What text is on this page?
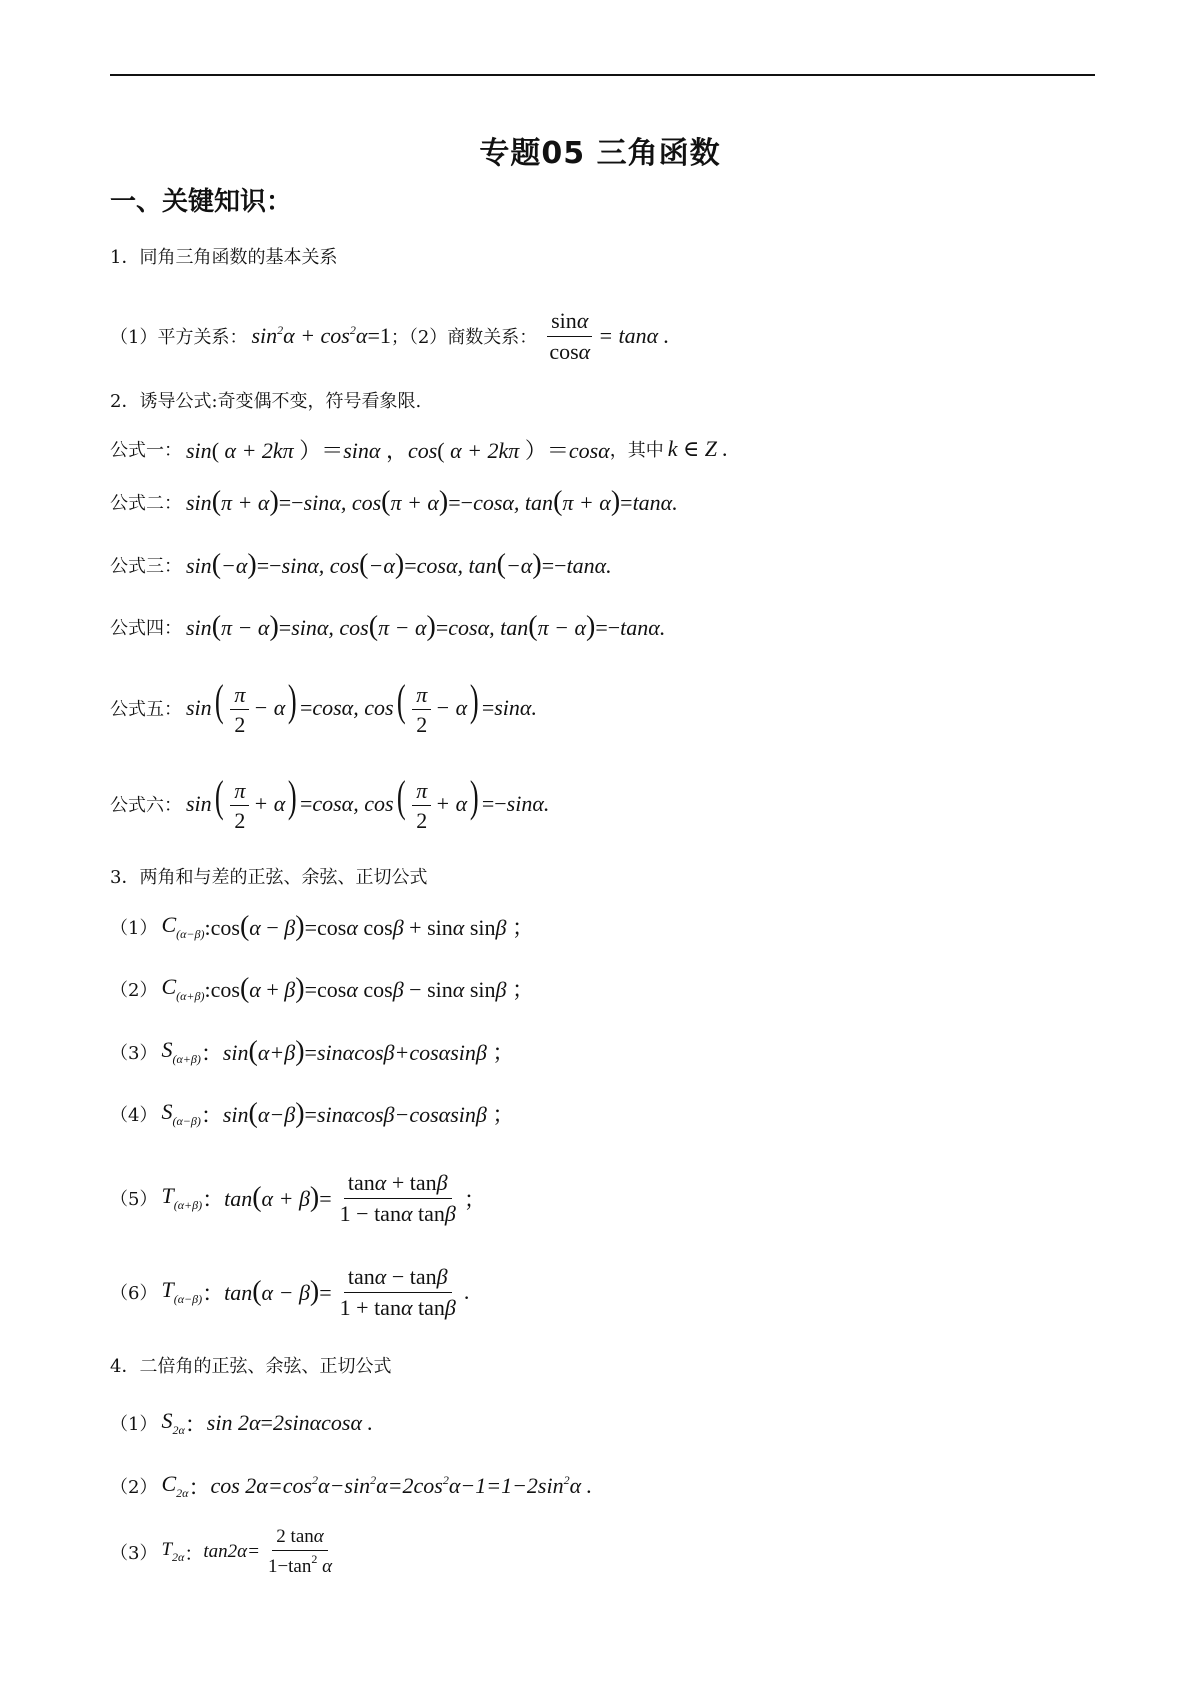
专题05 三角函数
一、关键知识：
1．同角三角函数的基本关系
（1）平方关系： $\sin^2\alpha + \cos^2\alpha=1$ ；（2）商数关系： $\frac{\sin\alpha}{\cos\alpha} = \tan\alpha$ .
2．诱导公式:奇变偶不变，符号看象限.
公式一： sin( α + 2kπ ）＝sinα ，cos( α + 2kπ ）＝cosα ，其中 k ∈ Z .
公式二： sin(π + α)=−sinα, cos(π + α)=−cosα, tan(π + α)=tanα.
公式三： sin(−α)=−sinα, cos(−α)=cosα, tan(−α)=−tanα.
公式四： sin(π − α)=sinα, cos(π − α)=cosα, tan(π − α)=−tanα.
公式五： $\sin( \frac{\pi}{2} - \alpha) =\cos\alpha$, $\cos( \frac{\pi}{2} - \alpha) =\sin\alpha$.
公式六： $\sin( \frac{\pi}{2} + \alpha) =\cos\alpha$, $\cos( \frac{\pi}{2} + \alpha) =-\sin\alpha$.
3．两角和与差的正弦、余弦、正切公式
（1） $C_{(\alpha-\beta)}$ :cos(α − β)=cosα cosβ + sinα sinβ ；
（2） $C_{(\alpha+\beta)}$ :cos(α + β)=cosα cosβ − sinα sinβ ；
（3） $S_{(\alpha+\beta)}$ ： sin(α+β)=sinαcosβ+cosαsinβ ；
（4） $S_{(\alpha-\beta)}$ ： sin(α−β)=sinαcosβ−cosαsinβ ；
（5） $T_{(\alpha+\beta)}$ ： $\tan(\alpha + \beta)= \frac{\tan\alpha + \tan\beta}{\text{1 − tanα tanβ}}$ ；
（6） $T_{(\alpha-\beta)}$ ： $\tan(\alpha - \beta)= \frac{\tan\alpha - \tan\beta}{\text{1 + tanα tanβ}}$ .
4．二倍角的正弦、余弦、正切公式
（1） $S_{2\alpha}$ ： sin 2α=2sinαcosα .
（2） $C_{2\alpha}$ ： $\cos 2\alpha=\cos^2\alpha-\sin^2\alpha=2\cos^2\alpha-1=1-2\sin^2\alpha$ .
（3） $T_{2\alpha}$ ： $\tan 2\alpha= \frac{2 \tan\alpha}{1-\tan^2 \alpha}$
